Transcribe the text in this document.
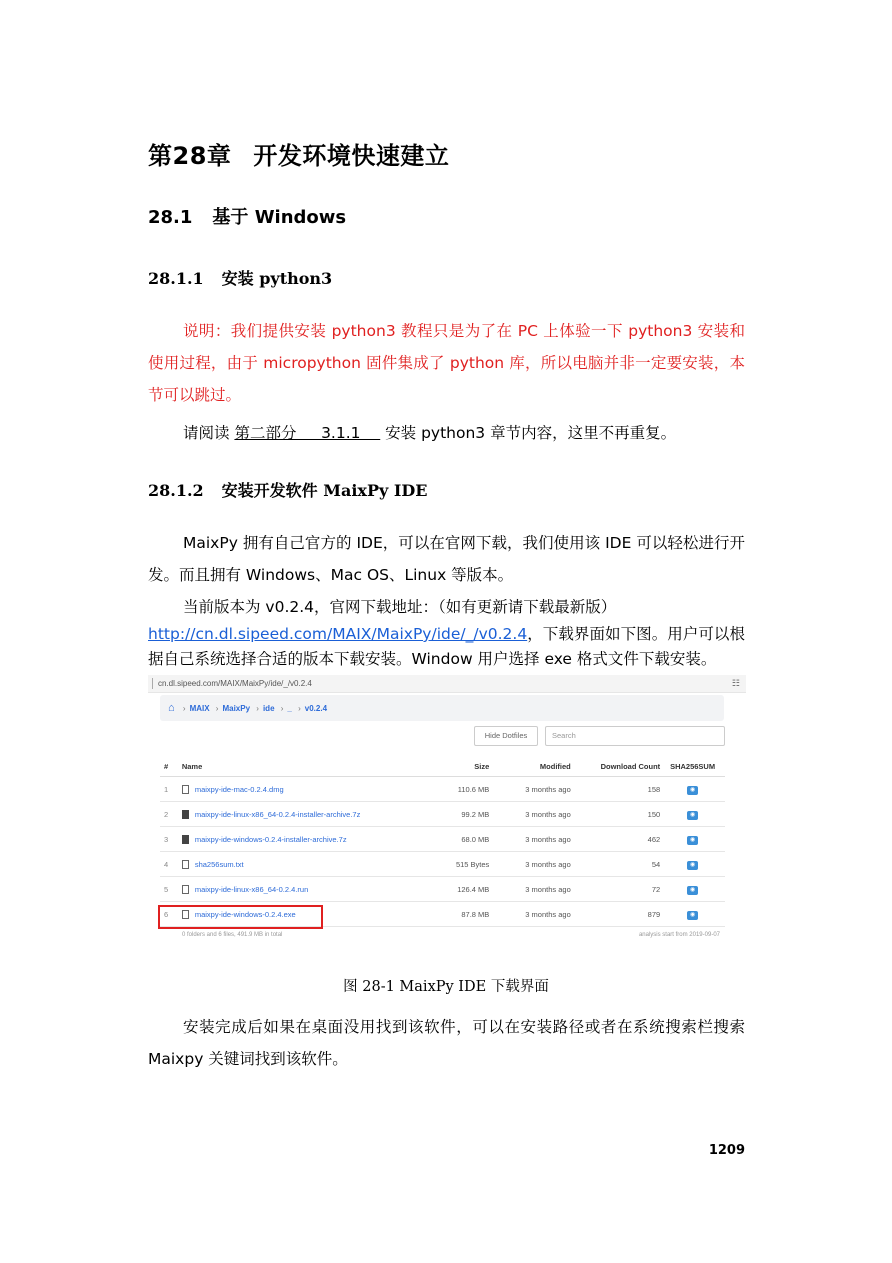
第28章 开发环境快速建立
28.1 基于 Windows
28.1.1 安装 python3

说明：我们提供安装 python3 教程只是为了在 PC 上体验一下 python3 安装和使用过程，由于 micropython 固件集成了 python 库，所以电脑并非一定要安装，本节可以跳过。

请阅读 第二部分     3.1.1     安装 python3 章节内容，这里不再重复。

28.1.2 安装开发软件 MaixPy IDE

MaixPy 拥有自己官方的 IDE，可以在官网下载，我们使用该 IDE 可以轻松进行开发。而且拥有 Windows、Mac OS、Linux 等版本。

当前版本为 v0.2.4，官网下载地址：（如有更新请下载最新版）

http://cn.dl.sipeed.com/MAIX/MaixPy/ide/_/v0.2.4，下载界面如下图。用户可以根据自己系统选择合适的版本下载安装。Window 用户选择 exe 格式文件下载安装。

cn.dl.sipeed.com/MAIX/MaixPy/ide/_/v0.2.4	☷
⌂ › MAIX › MaixPy › ide › _ › v0.2.4
Hide Dotfiles	Search
#	Name	Size	Modified	Download Count	SHA256SUM
1	maixpy-ide-mac-0.2.4.dmg	110.6 MB	3 months ago	158	◉
2	maixpy-ide-linux-x86_64-0.2.4-installer-archive.7z	99.2 MB	3 months ago	150	◉
3	maixpy-ide-windows-0.2.4-installer-archive.7z	68.0 MB	3 months ago	462	◉
4	sha256sum.txt	515 Bytes	3 months ago	54	◉
5	maixpy-ide-linux-x86_64-0.2.4.run	126.4 MB	3 months ago	72	◉
6	maixpy-ide-windows-0.2.4.exe	87.8 MB	3 months ago	879	◉
0 folders and 6 files, 491.9 MB in total	analysis start from 2019-09-07
图 28-1 MaixPy IDE 下载界面

安装完成后如果在桌面没用找到该软件，可以在安装路径或者在系统搜索栏搜索 Maixpy 关键词找到该软件。

1209
